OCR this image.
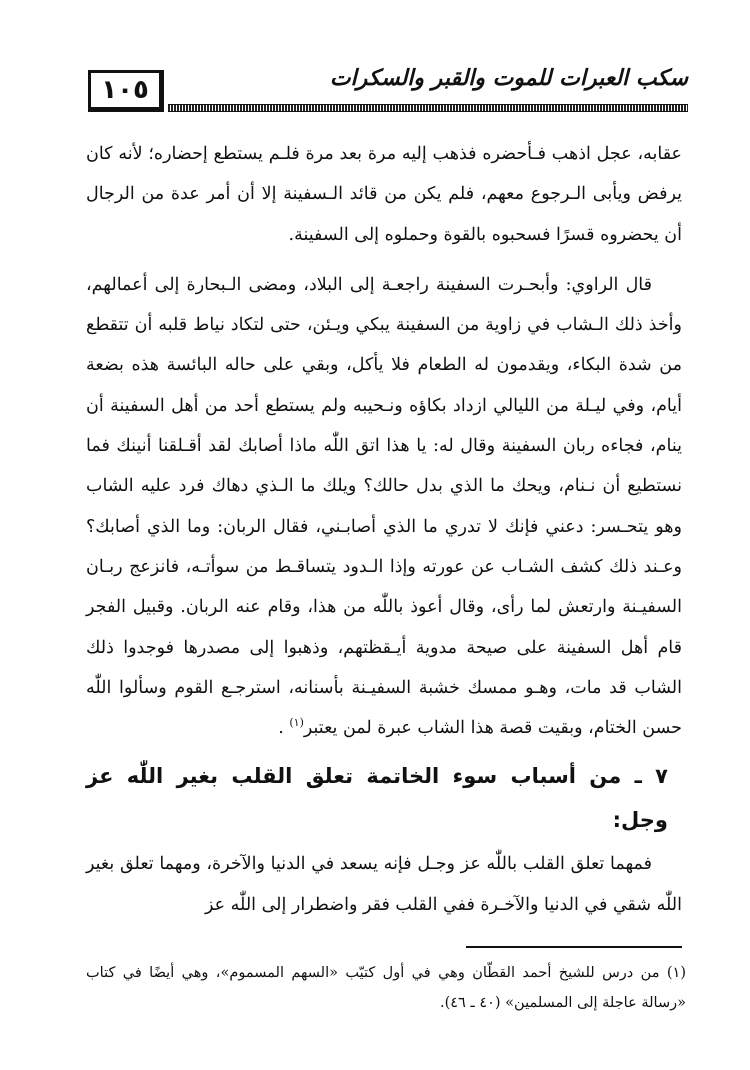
١٠٥	سكب العبرات للموت والقبر والسكرات

عقابه، عجل اذهب فـأحضره فذهب إليه مرة بعد مرة فلـم يستطع إحضاره؛ لأنه كان يرفض ويأبى الـرجوع معهم، فلم يكن من قائد الـسفينة إلا أن أمر عدة من الرجال أن يحضروه قسرًا فسحبوه بالقوة وحملوه إلى السفينة.

قال الراوي: وأبحـرت السفينة راجعـة إلى البلاد، ومضى الـبحارة إلى أعمالهم، وأخذ ذلك الـشاب في زاوية من السفينة يبكي ويـئن، حتى لتكاد نياط قلبه أن تتقطع من شدة البكاء، ويقدمون له الطعام فلا يأكل، وبقي على حاله البائسة هذه بضعة أيام، وفي ليـلة من الليالي ازداد بكاؤه ونـحيبه ولم يستطع أحد من أهل السفينة أن ينام، فجاءه ربان السفينة وقال له: يا هذا اتق اللّٰه ماذا أصابك لقد أقـلقنا أنينك فما نستطيع أن نـنام، ويحك ما الذي بدل حالك؟ ويلك ما الـذي دهاك فرد عليه الشاب وهو يتحـسر: دعني فإنك لا تدري ما الذي أصابـني، فقال الربان: وما الذي أصابك؟ وعـند ذلك كشف الشـاب عن عورته وإذا الـدود يتساقـط من سوأتـه، فانزعج ربـان السفيـنة وارتعش لما رأى، وقال أعوذ باللّٰه من هذا، وقام عنه الربان. وقبيل الفجر قام أهل السفينة على صيحة مدوية أيـقظتهم، وذهبوا إلى مصدرها فوجدوا ذلك الشاب قد مات، وهـو ممسك خشبة السفيـنة بأسنانه، استرجـع القوم وسألوا اللّٰه حسن الختام، وبقيت قصة هذا الشاب عبرة لمن يعتبر$^{(١)}$ .

٧ ـ من أسباب سوء الخاتمة تعلق القلب بغير اللّٰه عز وجل:

فمهما تعلق القلب باللّٰه عز وجـل فإنه يسعد في الدنيا والآخرة، ومهما تعلق بغير اللّٰه شقي في الدنيا والآخـرة ففي القلب فقر واضطرار إلى اللّٰه عز

(١) من درس للشيخ أحمد القطّان وهي في أول كتيّب «السهم المسموم»، وهي أيضًا في كتاب «رسالة عاجلة إلى المسلمين» (٤٠ ـ ٤٦).
